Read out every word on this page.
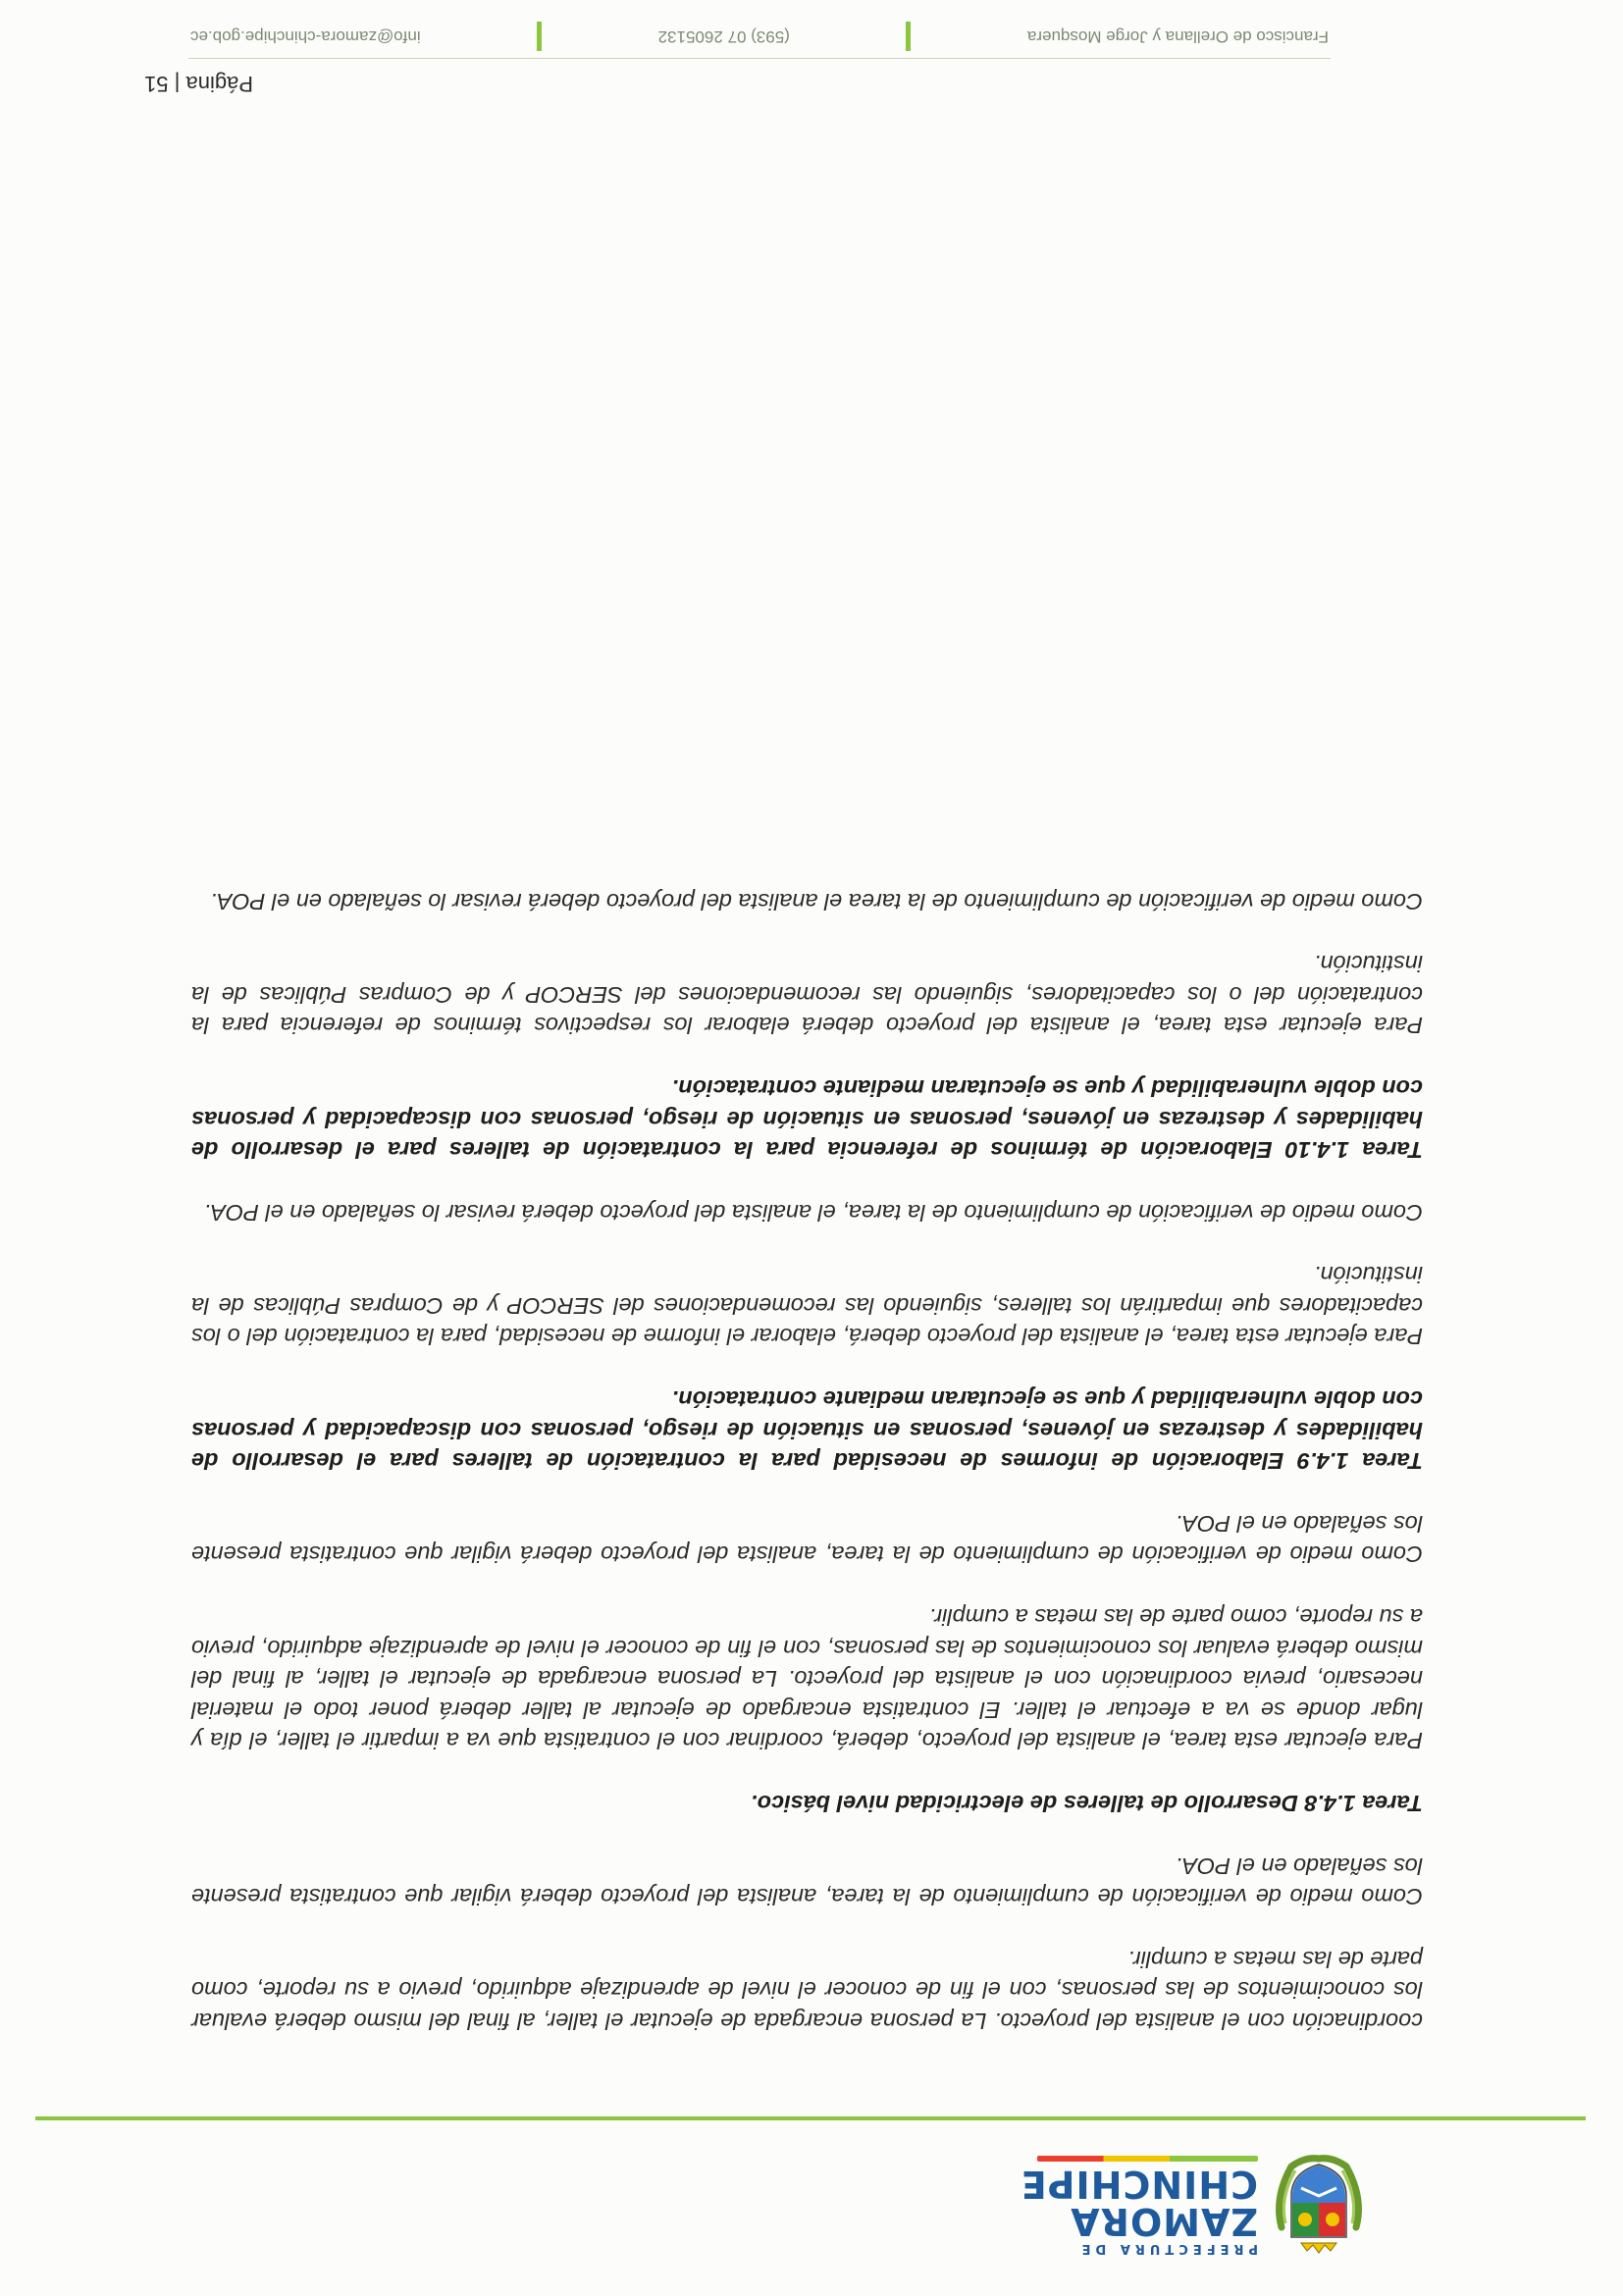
PREFECTURA DE
ZAMORA
CHINCHIPE

coordinación con el analista del proyecto. La persona encargada de ejecutar el taller, al final del mismo deberá evaluar los conocimientos de las personas, con el fin de conocer el nivel de aprendizaje adquirido, previo a su reporte, como parte de las metas a cumplir.

Como medio de verificación de cumplimiento de la tarea, analista del proyecto deberá vigilar que contratista presente los señalado en el POA.

Tarea 1.4.8 Desarrollo de talleres de electricidad nivel básico.

Para ejecutar esta tarea, el analista del proyecto, deberá, coordinar con el contratista que va a impartir el taller, el día y lugar donde se va a efectuar el taller. El contratista encargado de ejecutar al taller deberá poner todo el material necesario, previa coordinación con el analista del proyecto. La persona encargada de ejecutar el taller, al final del mismo deberá evaluar los conocimientos de las personas, con el fin de conocer el nivel de aprendizaje adquirido, previo a su reporte, como parte de las metas a cumplir.

Como medio de verificación de cumplimiento de la tarea, analista del proyecto deberá vigilar que contratista presente los señalado en el POA.

Tarea 1.4.9 Elaboración de informes de necesidad para la contratación de talleres para el desarrollo de habilidades y destrezas en jóvenes, personas en situación de riesgo, personas con discapacidad y personas con doble vulnerabilidad y que se ejecutaran mediante contratación.

Para ejecutar esta tarea, el analista del proyecto deberá, elaborar el informe de necesidad, para la contratación del o los capacitadores que impartirán los talleres, siguiendo las recomendaciones del SERCOP y de Compras Públicas de la institución.

Como medio de verificación de cumplimiento de la tarea, el analista del proyecto deberá revisar lo señalado en el POA.

Tarea 1.4.10 Elaboración de términos de referencia para la contratación de talleres para el desarrollo de habilidades y destrezas en jóvenes, personas en situación de riesgo, personas con discapacidad y personas con doble vulnerabilidad y que se ejecutaran mediante contratación.

Para ejecutar esta tarea, el analista del proyecto deberá elaborar los respectivos términos de referencia para la contratación del o los capacitadores, siguiendo las recomendaciones del SERCOP y de Compras Públicas de la institución.

Como medio de verificación de cumplimiento de la tarea el analista del proyecto deberá revisar lo señalado en el POA.

Página | 51
Francisco de Orellana y Jorge Mosquera
(593) 07 2605132
info@zamora-chinchipe.gob.ec
